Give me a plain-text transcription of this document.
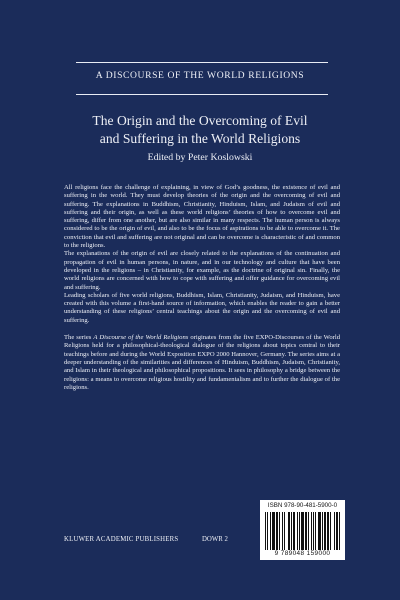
A DISCOURSE OF THE WORLD RELIGIONS
The Origin and the Overcoming of Evil
and Suffering in the World Religions
Edited by Peter Koslowski

All religions face the challenge of explaining, in view of God’s goodness, the existence of evil and suffering in the world. They must develop theories of the origin and the overcoming of evil and suffering. The explanations in Buddhism, Christianity, Hinduism, Islam, and Judaism of evil and suffering and their origin, as well as these world religions’ theories of how to overcome evil and suffering, differ from one another, but are also similar in many respects. The human person is always considered to be the origin of evil, and also to be the focus of aspirations to be able to overcome it. The conviction that evil and suffering are not original and can be overcome is characteristic of and common to the religions.

The explanations of the origin of evil are closely related to the explanations of the continuation and propagation of evil in human persons, in nature, and in our technology and culture that have been developed in the religions – in Christianity, for example, as the doctrine of original sin. Finally, the world religions are concerned with how to cope with suffering and offer guidance for overcoming evil and suffering.

Leading scholars of five world religions, Buddhism, Islam, Christianity, Judaism, and Hinduism, have created with this volume a first-hand source of information, which enables the reader to gain a better understanding of these religions’ central teachings about the origin and the overcoming of evil and suffering.

The series A Discourse of the World Religions originates from the five EXPO-Discourses of the World Religions held for a philosophical-theological dialogue of the religions about topics central to their teachings before and during the World Exposition EXPO 2000 Hannover, Germany. The series aims at a deeper understanding of the similarities and differences of Hinduism, Buddhism, Judaism, Christianity, and Islam in their theological and philosophical propositions. It sees in philosophy a bridge between the religions: a means to overcome religious hostility and fundamentalism and to further the dialogue of the religions.

ISBN 978-90-481-5900-0
9 789048 159000
KLUWER ACADEMIC PUBLISHERS	DOWR 2
